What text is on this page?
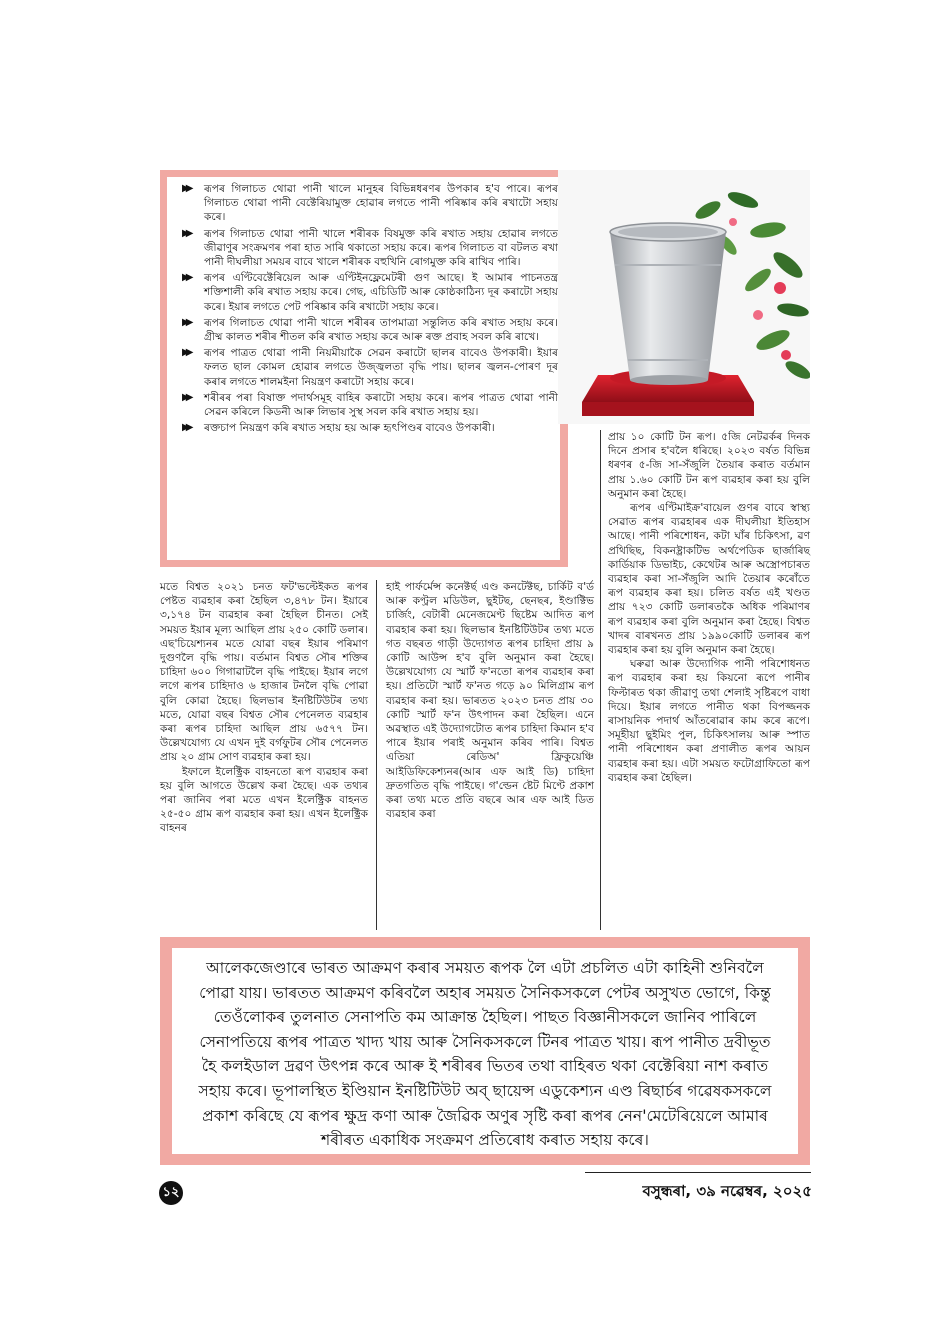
▶▶ ৰূপৰ গিলাচত থোৱা পানী খালে মানুহৰ বিভিন্নধৰণৰ উপকাৰ হ'ব পাৰে। ৰূপৰ গিলাচত থোৱা পানী বেক্টেৰিয়ামুক্ত হোৱাৰ লগতে পানী পৰিষ্কাৰ কৰি ৰখাটো সহায় কৰে।
▶▶ ৰূপৰ গিলাচত থোৱা পানী খালে শৰীৰক বিষমুক্ত কৰি ৰখাত সহায় হোৱাৰ লগতে জীৱাণুৰ সংক্ৰমণৰ পৰা হাত সাৰি থকাতো সহায় কৰে। ৰূপৰ গিলাচত বা বটলত ৰখা পানী দীঘলীয়া সময়ৰ বাবে খালে শৰীৰক বহুখিনি ৰোগমুক্ত কৰি ৰাখিব পাৰি।
▶▶ ৰূপৰ এণ্টিবেক্টেৰিয়েল আৰু এণ্টিইনফ্লেমেটৰী গুণ আছে। ই আমাৰ পাচনতন্ত্ৰ শক্তিশালী কৰি ৰখাত সহায় কৰে। গেছ, এচিডিটি আৰু কোষ্ঠকাঠিন্য দূৰ কৰাটো সহায় কৰে। ইয়াৰ লগতে পেট পৰিষ্কাৰ কৰি ৰখাটো সহায় কৰে।
▶▶ ৰূপৰ গিলাচত থোৱা পানী খালে শৰীৰৰ তাপমাত্ৰা সন্তুলিত কৰি ৰখাত সহায় কৰে। গ্ৰীষ্ম কালত শৰীৰ শীতল কৰি ৰখাত সহায় কৰে আৰু ৰক্ত প্ৰবাহ সবল কৰি ৰাখে।
▶▶ ৰূপৰ পাত্ৰত থোৱা পানী নিয়মীয়াকৈ সেৱন কৰাটো ছালৰ বাবেও উপকাৰী। ইয়াৰ ফলত ছাল কোমল হোৱাৰ লগতে উজ্জ্বলতা বৃদ্ধি পায়। ছালৰ জ্বলন-পোৰণ দূৰ কৰাৰ লগতে শালমইনা নিয়ন্ত্ৰণ কৰাটো সহায় কৰে।
▶▶ শৰীৰৰ পৰা বিষাক্ত পদাৰ্থসমূহ বাহিৰ কৰাটো সহায় কৰে। ৰূপৰ পাত্ৰত থোৱা পানী সেৱন কৰিলে কিডনী আৰু লিভাৰ সুস্থ সবল কৰি ৰখাত সহায় হয়।
▶▶ ৰক্তচাপ নিয়ন্ত্ৰণ কৰি ৰখাত সহায় হয় আৰু হৃৎপিণ্ডৰ বাবেও উপকাৰী।

মতে বিশ্বত ২০২১ চনত ফট'ভল্টেইকত ৰূপৰ পেষ্টত ব্যৱহাৰ কৰা হৈছিল ৩,৪৭৮ টন। ইয়াৰে ৩,১৭৪ টন ব্যৱহাৰ কৰা হৈছিল চীনত। সেই সময়ত ইয়াৰ মূল্য আছিল প্ৰায় ২৫০ কোটি ডলাৰ। এছ'চিয়েশ্যনৰ মতে যোৱা বছৰ ইয়াৰ পৰিমাণ দুগুণলৈ বৃদ্ধি পায়। বৰ্তমান বিশ্বত সৌৰ শক্তিৰ চাহিদা ৬০০ গিগাৱাটলৈ বৃদ্ধি পাইছে। ইয়াৰ লগে লগে ৰূপৰ চাহিদাও ৬ হাজাৰ টনলৈ বৃদ্ধি পোৱা বুলি কোৱা হৈছে। ছিলভাৰ ইনষ্টিটিউটৰ তথ্য মতে, যোৱা বছৰ বিশ্বত সৌৰ পেনেলত ব্যৱহাৰ কৰা ৰূপৰ চাহিদা আছিল প্ৰায় ৬৫৭৭ টন। উল্লেখযোগ্য যে এখন দুই বৰ্গফুটৰ সৌৰ পেনেলত প্ৰায় ২০ গ্ৰাম সোণ ব্যৱহাৰ কৰা হয়।

ইফালে ইলেক্ট্ৰিক বাহনতো ৰূপ ব্যৱহাৰ কৰা হয় বুলি আগতে উল্লেখ কৰা হৈছে। এক তথ্যৰ পৰা জানিব পৰা মতে এখন ইলেক্ট্ৰিক বাহনত ২৫-৫০ গ্ৰাম ৰূপ ব্যৱহাৰ কৰা হয়। এখন ইলেক্ট্ৰিক বাহনৰ

হাই পাৰ্ফৰ্মেন্স কনেক্টৰ্ছ এণ্ড কনটেক্টছ, চাৰ্কিট ব'ৰ্ড আৰু কণ্ট্ৰল মডিউল, ছুইটছ, ছেনছৰ, ইণ্ডাক্টিভ চাৰ্জিং, বেটাৰী মেনেজমেণ্ট ছিষ্টেম আদিত ৰূপ ব্যৱহাৰ কৰা হয়। ছিলভাৰ ইনষ্টিটিউটৰ তথ্য মতে গত বছৰত গাড়ী উদ্যোগত ৰূপৰ চাহিদা প্ৰায় ৯ কোটি আউন্স হ'ব বুলি অনুমান কৰা হৈছে। উল্লেখযোগ্য যে স্মাৰ্ট ফ'নতো ৰূপৰ ব্যৱহাৰ কৰা হয়। প্ৰতিটো স্মাৰ্ট ফ'নত গড়ে ৯০ মিলিগ্ৰাম ৰূপ ব্যৱহাৰ কৰা হয়। ভাৰতত ২০২৩ চনত প্ৰায় ৩০ কোটি স্মাৰ্ট ফ'ন উৎপাদন কৰা হৈছিল। এনে অৱস্থাত এই উদ্যোগটোত ৰূপৰ চাহিদা কিমান হ'ব পাৰে ইয়াৰ পৰাই অনুমান কৰিব পাৰি। বিশ্বত এতিয়া ৰেডিঅ' ফ্ৰিকুয়েঞ্চি আইডিফিকেশ্যনৰ(আৰ এফ আই ডি) চাহিদা দ্ৰুতগতিত বৃদ্ধি পাইছে। গ'ল্ডেন ষ্টেট মিণ্টে প্ৰকাশ কৰা তথ্য মতে প্ৰতি বছৰে আৰ এফ আই ডিত ব্যৱহাৰ কৰা

প্ৰায় ১০ কোটি টন ৰূপ। ৫জি নেটৱৰ্কৰ দিনক দিনে প্ৰসাৰ হ'বলৈ ধৰিছে। ২০২৩ বৰ্ষত বিভিন্ন ধৰণৰ ৫-জি সা-সঁজুলি তৈয়াৰ কৰাত বৰ্তমান প্ৰায় ১.৬০ কোটি টন ৰূপ ব্যৱহাৰ কৰা হয় বুলি অনুমান কৰা হৈছে।

ৰূপৰ এণ্টিমাইক্ৰ'বায়েল গুণৰ বাবে স্বাস্থ্য সেৱাত ৰূপৰ ব্যৱহাৰৰ এক দীঘলীয়া ইতিহাস আছে। পানী পৰিশোধন, কটা ঘাঁৰ চিকিৎসা, ৱণ প্ৰথিছিছ, বিকনষ্ট্ৰাকটিভ অৰ্থপেডিক ছাৰ্জাৰিছ কাৰ্ডিয়াক ডিভাইচ, কেথেটৰ আৰু অস্ত্ৰোপচাৰত ব্যৱহাৰ কৰা সা-সঁজুলি আদি তৈয়াৰ কৰোঁতে ৰূপ ব্যৱহাৰ কৰা হয়। চলিত বৰ্ষত এই খণ্ডত প্ৰায় ৭২৩ কোটি ডলাৰতকৈ অধিক পৰিমাণৰ ৰূপ ব্যৱহাৰ কৰা বুলি অনুমান কৰা হৈছে। বিশ্বত খাদৰ বাৰখনত প্ৰায় ১৯৯০কোটি ডলাৰৰ ৰূপ ব্যৱহাৰ কৰা হয় বুলি অনুমান কৰা হৈছে।

ঘৰুৱা আৰু উদ্যোগিক পানী পৰিশোধনত ৰূপ ব্যৱহাৰ কৰা হয় কিয়নো ৰূপে পানীৰ ফিল্টাৰত থকা জীৱাণু তথা শেলাই সৃষ্টিৰপে বাধা দিয়ে। ইয়াৰ লগতে পানীত থকা বিপজ্জনক ৰাসায়নিক পদাৰ্থ আঁতৰোৱাৰ কাম কৰে ৰূপে। সমূহীয়া ছুইমিং পুল, চিকিৎসালয় আৰু স্পাত পানী পৰিশোধন কৰা প্ৰণালীত ৰূপৰ আয়ন ব্যৱহাৰ কৰা হয়। এটা সময়ত ফটোগ্ৰাফিতো ৰূপ ব্যৱহাৰ কৰা হৈছিল।

আলেকজেণ্ডাৰে ভাৰত আক্ৰমণ কৰাৰ সময়ত ৰূপক লৈ এটা প্ৰচলিত এটা কাহিনী শুনিবলৈ পোৱা যায়। ভাৰতত আক্ৰমণ কৰিবলৈ অহাৰ সময়ত সৈনিকসকলে পেটৰ অসুখত ভোগে, কিন্তু তেওঁলোকৰ তুলনাত সেনাপতি কম আক্ৰান্ত হৈছিল। পাছত বিজ্ঞানীসকলে জানিব পাৰিলে সেনাপতিয়ে ৰূপৰ পাত্ৰত খাদ্য খায় আৰু সৈনিকসকলে টিনৰ পাত্ৰত খায়। ৰূপ পানীত দ্ৰবীভূত হৈ কলইডাল দ্ৰৱণ উৎপন্ন কৰে আৰু ই শৰীৰৰ ভিতৰ তথা বাহিৰত থকা বেক্টেৰিয়া নাশ কৰাত সহায় কৰে। ভূপালস্থিত ইণ্ডিয়ান ইনষ্টিটিউট অব্ ছায়েন্স এডুকেশ্যন এণ্ড ৰিছাৰ্চৰ গৱেষকসকলে প্ৰকাশ কৰিছে যে ৰূপৰ ক্ষুদ্ৰ কণা আৰু জৈৱিক অণুৰ সৃষ্টি কৰা ৰূপৰ নেন'মেটেৰিয়েলে আমাৰ শৰীৰত একাধিক সংক্ৰমণ প্ৰতিৰোধ কৰাত সহায় কৰে।
১২	বসুন্ধৰা, ৩৯ নৱেম্বৰ, ২০২৫
